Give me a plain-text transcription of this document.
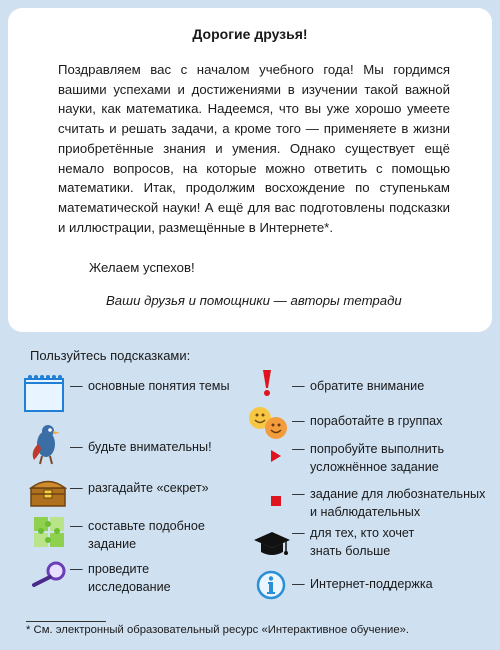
Дорогие друзья!

Поздравляем вас с началом учебного года! Мы гордимся вашими успехами и достижениями в изучении такой важной науки, как математика. Надеемся, что вы уже хорошо умеете считать и решать задачи, а кроме того — применяете в жизни приобретённые знания и умения. Однако существует ещё немало вопросов, на которые можно ответить с помощью математики. Итак, продолжим восхождение по ступенькам математической науки! А ещё для вас подготовлены подсказки и иллюстрации, размещённые в Интернете*.

Желаем успехов!

Ваши друзья и помощники — авторы тетради

Пользуйтесь подсказками:

— основные понятия темы
— будьте внимательны!
— разгадайте «секрет»
— составьте подобное задание
— проведите исследование
— обратите внимание
— поработайте в группах
— попробуйте выполнить усложнённое задание
— задание для любознательных и наблюдательных
— для тех, кто хочет знать больше
— Интернет-поддержка

* См. электронный образовательный ресурс «Интерактивное обучение».
